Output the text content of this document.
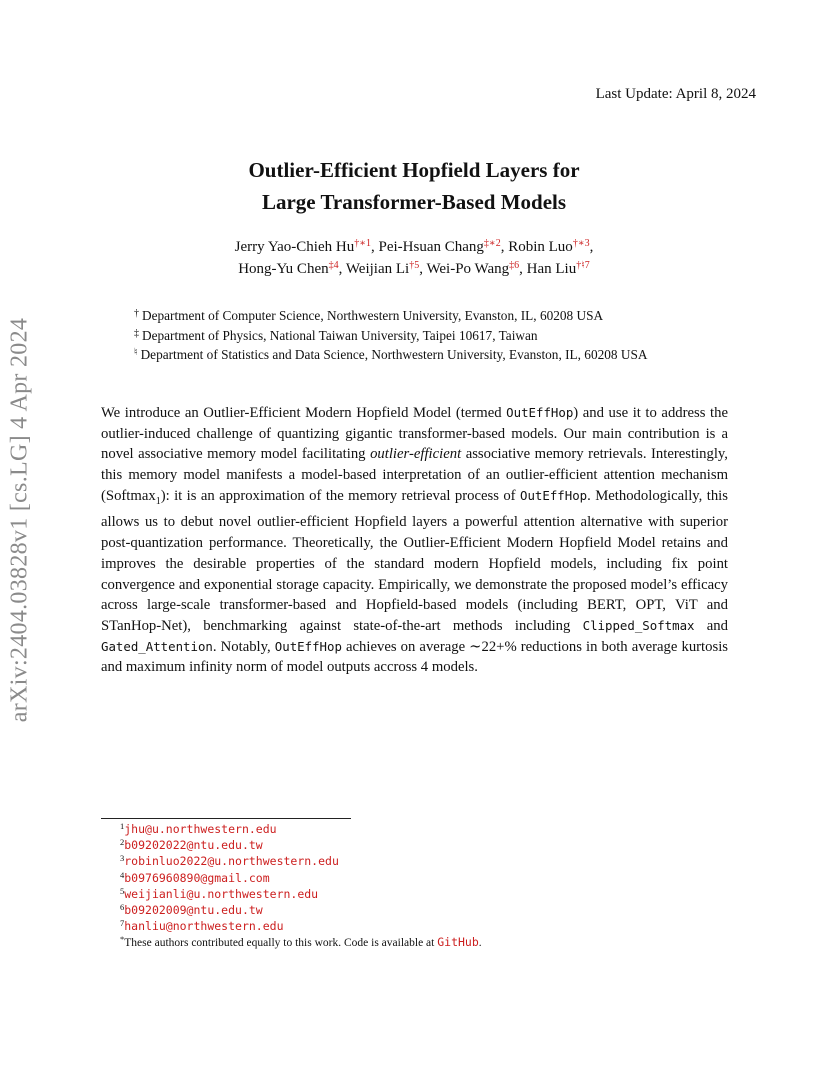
arXiv:2404.03828v1 [cs.LG] 4 Apr 2024
Last Update: April 8, 2024
Outlier-Efficient Hopfield Layers for
Large Transformer-Based Models
Jerry Yao-Chieh $Hu^{\dagger∗1}$, Pei-Hsuan Chang$^{\ddagger∗2}$, Robin Luo$^{\dagger∗3}$,
Hong-Yu Chen$^{\ddagger 4}$, Weijian Li$^{\dagger 5}$, Wei-Po Wang$^{\ddagger 6}$, Han Liu$^{\dagger♮7}$
† Department of Computer Science, Northwestern University, Evanston, IL, 60208 USA
‡ Department of Physics, National Taiwan University, Taipei 10617, Taiwan
♮ Department of Statistics and Data Science, Northwestern University, Evanston, IL, 60208 USA
We introduce an Outlier-Efficient Modern Hopfield Model (termed OutEffHop) and use it to address the outlier-induced challenge of quantizing gigantic transformer-based models. Our main contribution is a novel associative memory model facilitating outlier-efficient associative memory retrievals. Interestingly, this memory model manifests a model-based interpretation of an outlier-efficient attention mechanism (Softmax$_1$): it is an approximation of the memory retrieval process of OutEffHop. Methodologically, this allows us to debut novel outlier-efficient Hopfield layers a powerful attention alternative with superior post-quantization performance. Theoretically, the Outlier-Efficient Modern Hopfield Model retains and improves the desirable properties of the standard modern Hopfield models, including fix point convergence and exponential storage capacity. Empirically, we demonstrate the proposed model’s efficacy across large-scale transformer-based and Hopfield-based models (including BERT, OPT, ViT and STanHop-Net), benchmarking against state-of-the-art methods including Clipped_Softmax and Gated_Attention. Notably, OutEffHop achieves on average ∼22+% reductions in both average kurtosis and maximum infinity norm of model outputs accross 4 models.
$^1$jhu@u.northwestern.edu
$^2$b09202022@ntu.edu.tw
$^3$robinluo2022@u.northwestern.edu
$^4$b0976960890@gmail.com
$^5$weijianli@u.northwestern.edu
$^6$b09202009@ntu.edu.tw
$^7$hanliu@northwestern.edu
*These authors contributed equally to this work. Code is available at GitHub.
